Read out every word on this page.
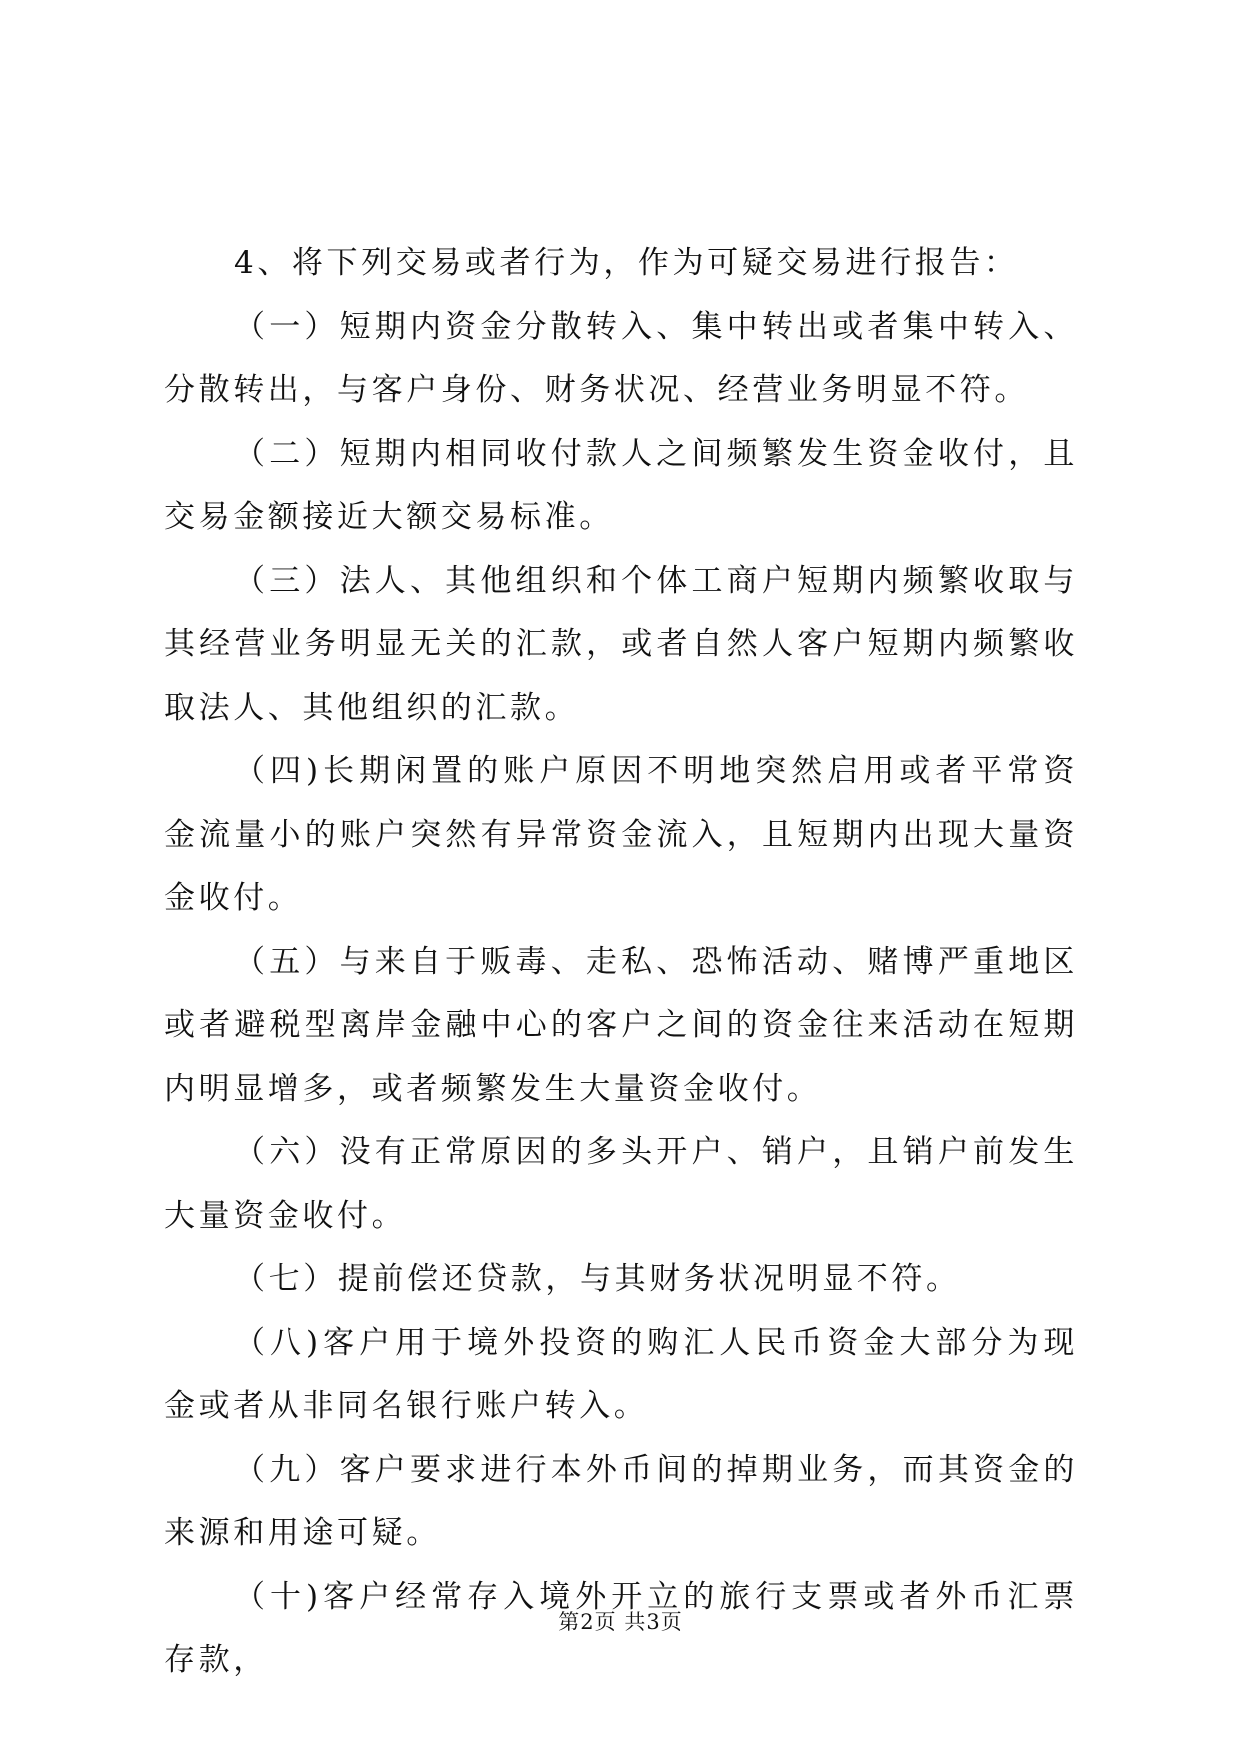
4、将下列交易或者行为，作为可疑交易进行报告：

（一）短期内资金分散转入、集中转出或者集中转入、分散转出，与客户身份、财务状况、经营业务明显不符。

（二）短期内相同收付款人之间频繁发生资金收付，且交易金额接近大额交易标准。

（三）法人、其他组织和个体工商户短期内频繁收取与其经营业务明显无关的汇款，或者自然人客户短期内频繁收取法人、其他组织的汇款。

（四)长期闲置的账户原因不明地突然启用或者平常资金流量小的账户突然有异常资金流入，且短期内出现大量资金收付。

（五）与来自于贩毒、走私、恐怖活动、赌博严重地区或者避税型离岸金融中心的客户之间的资金往来活动在短期内明显增多，或者频繁发生大量资金收付。

（六）没有正常原因的多头开户、销户，且销户前发生大量资金收付。

（七）提前偿还贷款，与其财务状况明显不符。

（八)客户用于境外投资的购汇人民币资金大部分为现金或者从非同名银行账户转入。

（九）客户要求进行本外币间的掉期业务，而其资金的来源和用途可疑。

（十)客户经常存入境外开立的旅行支票或者外币汇票存款，

第2页 共3页
